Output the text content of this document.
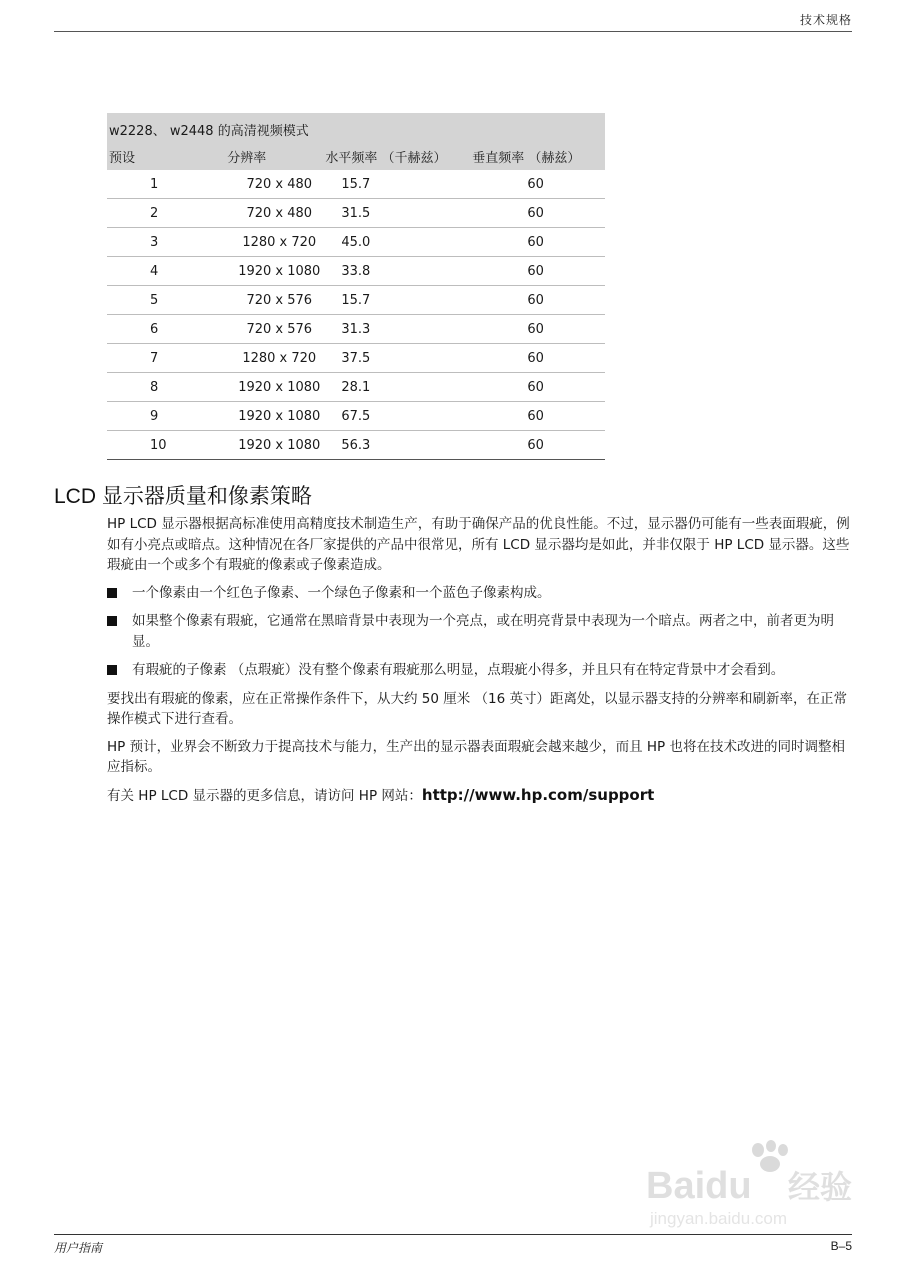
技术规格
w2228、 w2448 的高清视频模式			
预设	分辨率	水平频率 （千赫兹）	垂直频率 （赫兹）
1	720 x 480	15.7	60
2	720 x 480	31.5	60
3	1280 x 720	45.0	60
4	1920 x 1080	33.8	60
5	720 x 576	15.7	60
6	720 x 576	31.3	60
7	1280 x 720	37.5	60
8	1920 x 1080	28.1	60
9	1920 x 1080	67.5	60
10	1920 x 1080	56.3	60
LCD 显示器质量和像素策略

HP LCD 显示器根据高标准使用高精度技术制造生产，有助于确保产品的优良性能。不过，显示器仍可能有一些表面瑕疵，例如有小亮点或暗点。这种情况在各厂家提供的产品中很常见，所有 LCD 显示器均是如此，并非仅限于 HP LCD 显示器。这些瑕疵由一个或多个有瑕疵的像素或子像素造成。

一个像素由一个红色子像素、一个绿色子像素和一个蓝色子像素构成。
如果整个像素有瑕疵，它通常在黑暗背景中表现为一个亮点，或在明亮背景中表现为一个暗点。两者之中，前者更为明显。
有瑕疵的子像素 （点瑕疵）没有整个像素有瑕疵那么明显，点瑕疵小得多，并且只有在特定背景中才会看到。

要找出有瑕疵的像素，应在正常操作条件下，从大约 50 厘米 （16 英寸）距离处，以显示器支持的分辨率和刷新率，在正常操作模式下进行查看。

HP 预计，业界会不断致力于提高技术与能力，生产出的显示器表面瑕疵会越来越少，而且 HP 也将在技术改进的同时调整相应指标。

有关 HP LCD 显示器的更多信息，请访问 HP 网站：http://www.hp.com/support

Baidu 经验
jingyan.baidu.com
用户指南	B–5
